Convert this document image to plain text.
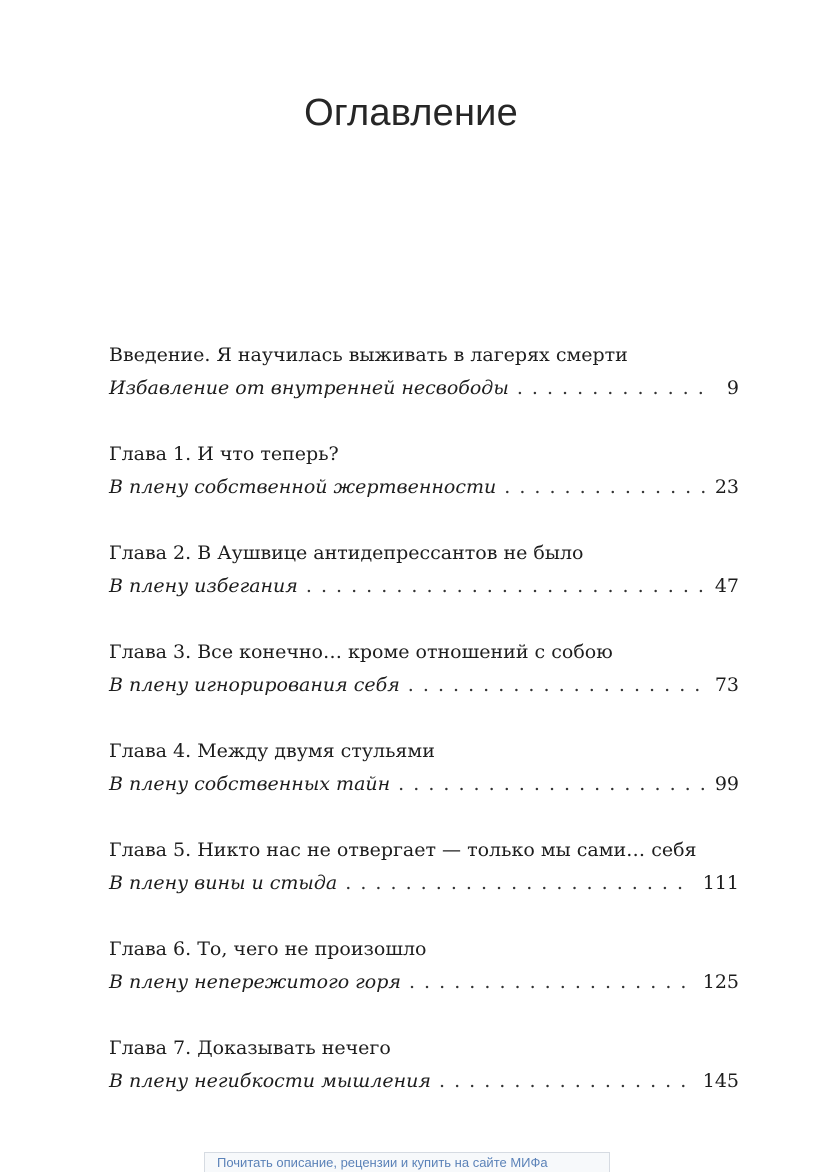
Оглавление
Введение. Я научилась выживать в лагерях смерти
Избавление от внутренней несвободы . . .	9
Глава 1. И что теперь?
В плену собственной жертвенности . . .	23
Глава 2. В Аушвице антидепрессантов не было
В плену избегания . . .	47
Глава 3. Все конечно… кроме отношений с собою
В плену игнорирования себя . . .	73
Глава 4. Между двумя стульями
В плену собственных тайн . . .	99
Глава 5. Никто нас не отвергает — только мы сами… себя
В плену вины и стыда . . .	111
Глава 6. То, чего не произошло
В плену непережитого горя . . .	125
Глава 7. Доказывать нечего
В плену негибкости мышления . . .	145
Почитать описание, рецензии и купить на сайте МИФа
